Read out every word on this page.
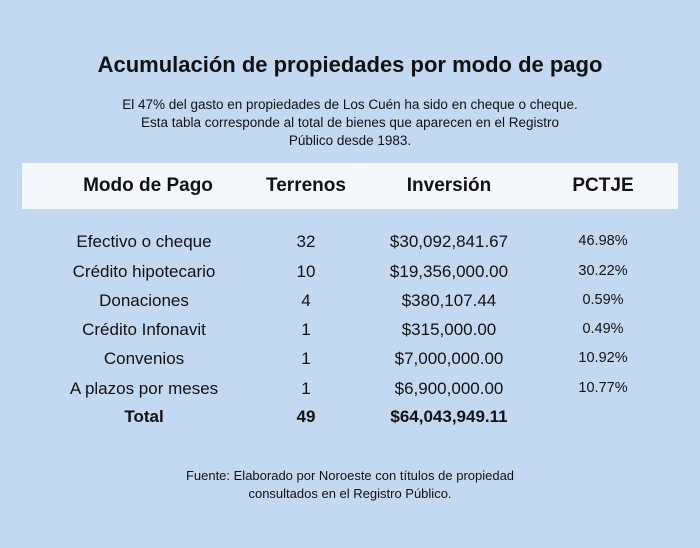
Acumulación de propiedades por modo de pago
El 47% del gasto en propiedades de Los Cuén ha sido en cheque o cheque. Esta tabla corresponde al total de bienes que aparecen en el Registro Público desde 1983.
Modo de Pago	Terrenos	Inversión	PCTJE
Efectivo o cheque	32	$30,092,841.67	46.98%
Crédito hipotecario	10	$19,356,000.00	30.22%
Donaciones	4	$380,107.44	0.59%
Crédito Infonavit	1	$315,000.00	0.49%
Convenios	1	$7,000,000.00	10.92%
A plazos por meses	1	$6,900,000.00	10.77%
Total	49	$64,043,949.11
Fuente: Elaborado por Noroeste con títulos de propiedad consultados en el Registro Público.
